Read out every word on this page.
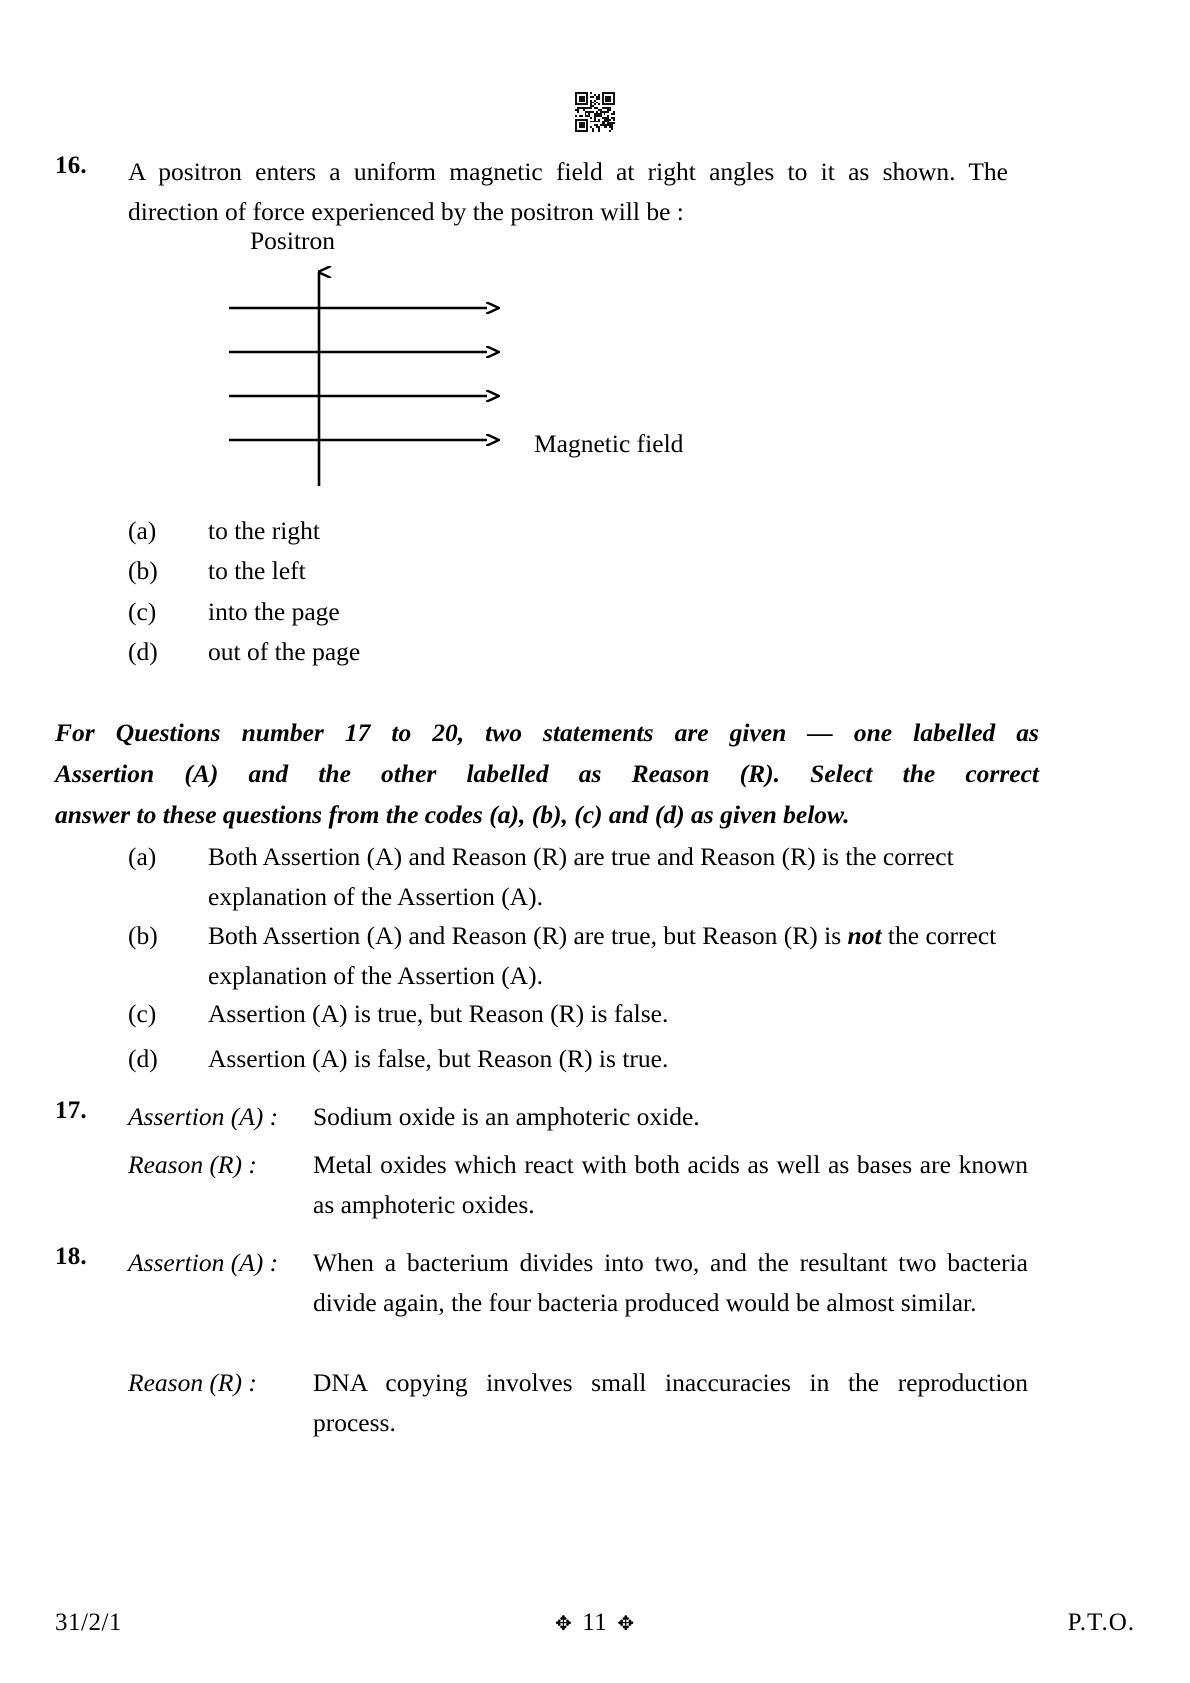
16. A positron enters a uniform magnetic field at right angles to it as shown. The direction of force experienced by the positron will be :
Positron
Magnetic field
(a)	to the right
(b)	to the left
(c)	into the page
(d)	out of the page
For Questions number 17 to 20, two statements are given — one labelled as
Assertion (A) and the other labelled as Reason (R). Select the correct
answer to these questions from the codes (a), (b), (c) and (d) as given below.
(a)	Both Assertion (A) and Reason (R) are true and Reason (R) is the correct explanation of the Assertion (A).
(b)	Both Assertion (A) and Reason (R) are true, but Reason (R) is not the correct explanation of the Assertion (A).
(c)	Assertion (A) is true, but Reason (R) is false.
(d)	Assertion (A) is false, but Reason (R) is true.
17. Assertion (A) :	Sodium oxide is an amphoteric oxide.
Reason (R) :	Metal oxides which react with both acids as well as bases are known as amphoteric oxides.
18. Assertion (A) :	When a bacterium divides into two, and the resultant two bacteria divide again, the four bacteria produced would be almost similar.
Reason (R) :	DNA copying involves small inaccuracies in the reproduction process.
31/2/1	✥ 11 ✥	P.T.O.
